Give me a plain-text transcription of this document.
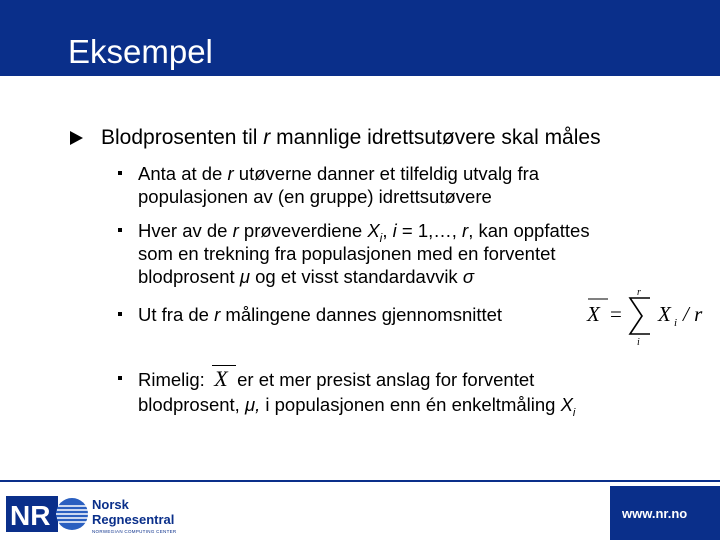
Eksempel
Blodprosenten til r mannlige idrettsutøvere skal måles
Anta at de r utøverne danner et tilfeldig utvalg fra
populasjonen av (en gruppe) idrettsutøvere
Hver av de r prøveverdiene $X_i$, i = 1,…, r, kan oppfattes
som en trekning fra populasjonen med en forventet
blodprosent μ og et visst standardavvik σ
Ut fra de r målingene dannes gjennomsnittet	X =
r
i
X i / r
Rimelig: X er et mer presist anslag for forventet
blodprosent, μ, i populasjonen enn én enkeltmåling $X_i$
NR	Norsk
Regnesentral
NORWEGIAN COMPUTING CENTER
www.nr.no
